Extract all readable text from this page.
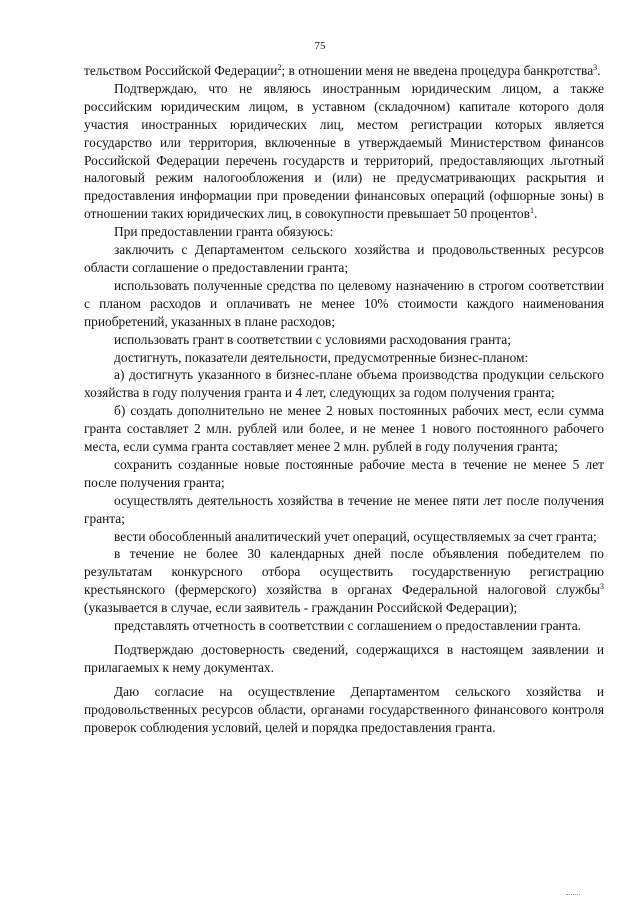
75

тельством Российской Федерации$^2$; в отношении меня не введена процедура банкротства$^3$.

Подтверждаю, что не являюсь иностранным юридическим лицом, а также российским юридическим лицом, в уставном (складочном) капитале которого доля участия иностранных юридических лиц, местом регистрации которых является государство или территория, включенные в утверждаемый Министерством финансов Российской Федерации перечень государств и территорий, предоставляющих льготный налоговый режим налогообложения и (или) не предусматривающих раскрытия и предоставления информации при проведении финансовых операций (офшорные зоны) в отношении таких юридических лиц, в совокупности превышает 50 процентов$^1$.

При предоставлении гранта обязуюсь:

заключить с Департаментом сельского хозяйства и продовольственных ресурсов области соглашение о предоставлении гранта;

использовать полученные средства по целевому назначению в строгом соответствии с планом расходов и оплачивать не менее 10% стоимости каждого наименования приобретений, указанных в плане расходов;

использовать грант в соответствии с условиями расходования гранта;

достигнуть, показатели деятельности, предусмотренные бизнес-планом:

а) достигнуть указанного в бизнес-плане объема производства продукции сельского хозяйства в году получения гранта и 4 лет, следующих за годом получения гранта;

б) создать дополнительно не менее 2 новых постоянных рабочих мест, если сумма гранта составляет 2 млн. рублей или более, и не менее 1 нового постоянного рабочего места, если сумма гранта составляет менее 2 млн. рублей в году получения гранта;

сохранить созданные новые постоянные рабочие места в течение не менее 5 лет после получения гранта;

осуществлять деятельность хозяйства в течение не менее пяти лет после получения гранта;

вести обособленный аналитический учет операций, осуществляемых за счет гранта;

в течение не более 30 календарных дней после объявления победителем по результатам конкурсного отбора осуществить государственную регистрацию крестьянского (фермерского) хозяйства в органах Федеральной налоговой службы$^3$ (указывается в случае, если заявитель - гражданин Российской Федерации);

представлять отчетность в соответствии с соглашением о предоставлении гранта.

Подтверждаю достоверность сведений, содержащихся в настоящем заявлении и прилагаемых к нему документах.

Даю согласие на осуществление Департаментом сельского хозяйства и продовольственных ресурсов области, органами государственного финансового контроля проверок соблюдения условий, целей и порядка предоставления гранта.
